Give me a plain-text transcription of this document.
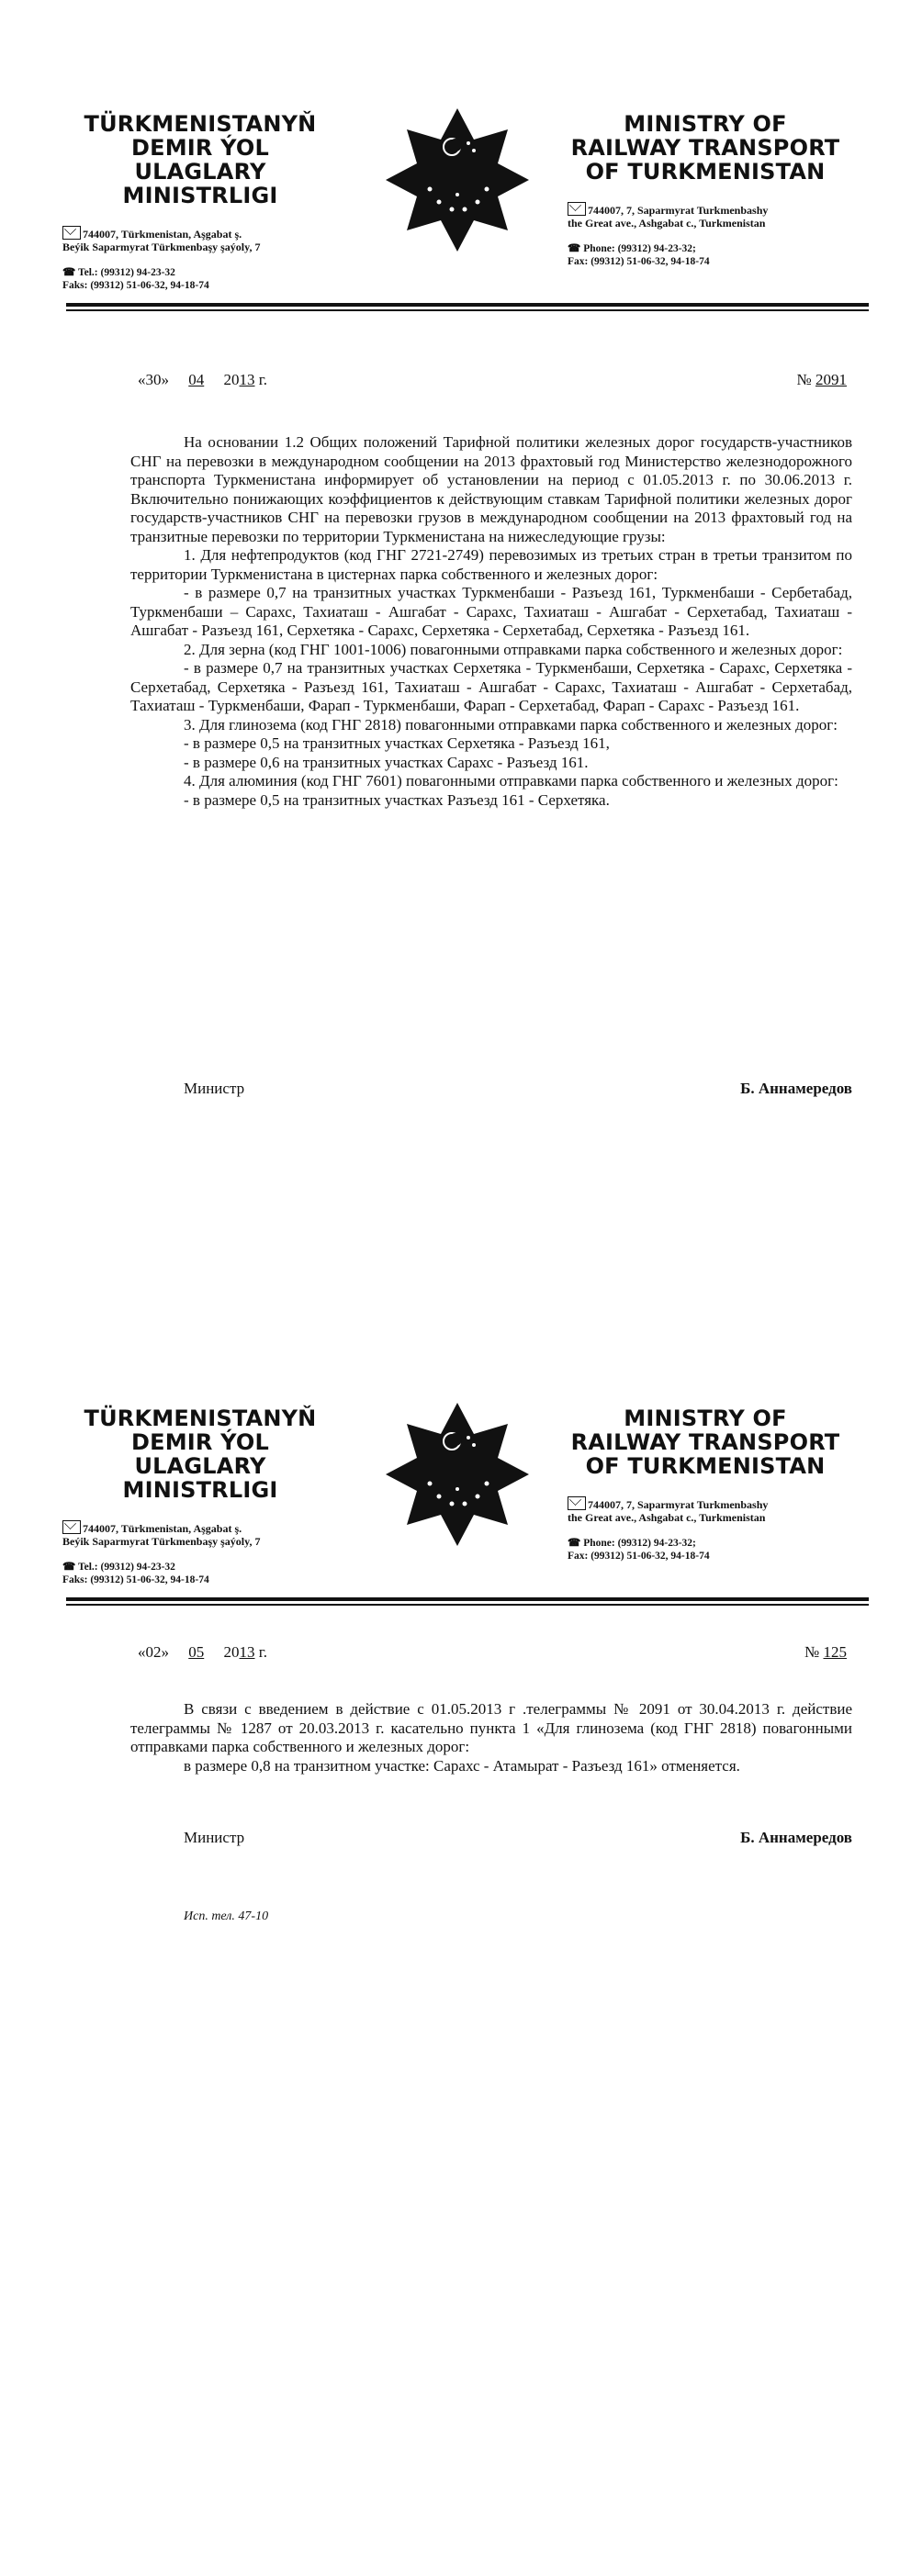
TÜRKMENISTANYŇ
DEMIR ÝOL ULAGLARY
MINISTRLIGI
744007, Türkmenistan, Aşgabat ş.
Beýik Saparmyrat Türkmenbaşy şaýoly, 7
☎ Tel.: (99312) 94-23-32
Faks: (99312) 51-06-32, 94-18-74
MINISTRY OF
RAILWAY TRANSPORT
OF TURKMENISTAN
744007, 7, Saparmyrat Turkmenbashy
the Great ave., Ashgabat c., Turkmenistan
☎ Phone: (99312) 94-23-32;
Fax: (99312) 51-06-32, 94-18-74
«30» 04 2013 г.	№ 2091

На основании 1.2 Общих положений Тарифной политики железных дорог государств-участников СНГ на перевозки в международном сообщении на 2013 фрахтовый год Министерство железнодорожного транспорта Туркменистана информирует об установлении на период с 01.05.2013 г. по 30.06.2013 г. Включительно понижающих коэффициентов к действующим ставкам Тарифной политики железных дорог государств-участников СНГ на перевозки грузов в международном сообщении на 2013 фрахтовый год на транзитные перевозки по территории Туркменистана на нижеследующие грузы:

1. Для нефтепродуктов (код ГНГ 2721-2749) перевозимых из третьих стран в третьи транзитом по территории Туркменистана в цистернах парка собственного и железных дорог:

- в размере 0,7 на транзитных участках Туркменбаши - Разъезд 161, Туркменбаши - Сербетабад, Туркменбаши – Сарахс, Тахиаташ - Ашгабат - Сарахс, Тахиаташ - Ашгабат - Серхетабад, Тахиаташ - Ашгабат - Разъезд 161, Серхетяка - Сарахс, Серхетяка - Серхетабад, Серхетяка - Разъезд 161.

2. Для зерна (код ГНГ 1001-1006) повагонными отправками парка собственного и железных дорог:

- в размере 0,7 на транзитных участках Серхетяка - Туркменбаши, Серхетяка - Сарахс, Серхетяка - Серхетабад, Серхетяка - Разъезд 161, Тахиаташ - Ашгабат - Сарахс, Тахиаташ - Ашгабат - Серхетабад, Тахиаташ - Туркменбаши, Фарап - Туркменбаши, Фарап - Серхетабад, Фарап - Сарахс - Разъезд 161.

3. Для глинозема (код ГНГ 2818) повагонными отправками парка собственного и железных дорог:

- в размере 0,5 на транзитных участках Серхетяка - Разъезд 161,

- в размере 0,6 на транзитных участках Сарахс - Разъезд 161.

4. Для алюминия (код ГНГ 7601) повагонными отправками парка собственного и железных дорог:

- в размере 0,5 на транзитных участках Разъезд 161 - Серхетяка.

Министр	Б. Аннамередов
TÜRKMENISTANYŇ
DEMIR ÝOL ULAGLARY
MINISTRLIGI
744007, Türkmenistan, Aşgabat ş.
Beýik Saparmyrat Türkmenbaşy şaýoly, 7
☎ Tel.: (99312) 94-23-32
Faks: (99312) 51-06-32, 94-18-74
MINISTRY OF
RAILWAY TRANSPORT
OF TURKMENISTAN
744007, 7, Saparmyrat Turkmenbashy
the Great ave., Ashgabat c., Turkmenistan
☎ Phone: (99312) 94-23-32;
Fax: (99312) 51-06-32, 94-18-74
«02» 05 2013 г.	№ 125

В связи с введением в действие с 01.05.2013 г .телеграммы № 2091 от 30.04.2013 г. действие телеграммы № 1287 от 20.03.2013 г. касательно пункта 1 «Для глинозема (код ГНГ 2818) повагонными отправками парка собственного и железных дорог:

в размере 0,8 на транзитном участке: Сарахс - Атамырат - Разъезд 161» отменяется.

Министр	Б. Аннамередов
Исп. тел. 47-10
